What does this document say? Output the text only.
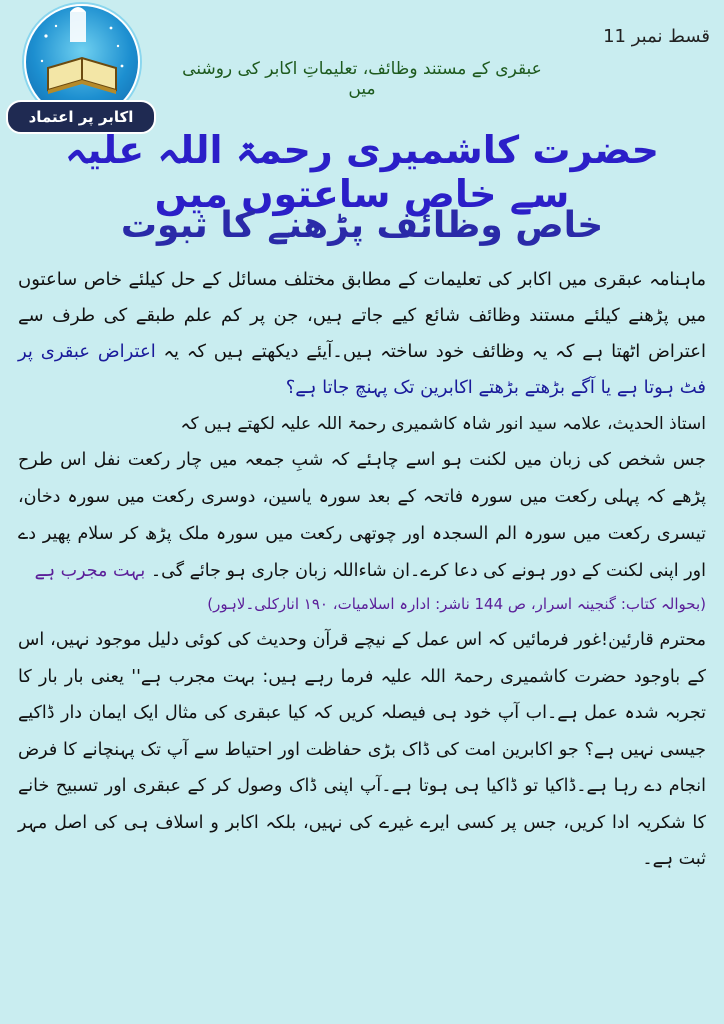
اکابر پر اعتماد
قسط نمبر 11
عبقری کے مستند وظائف، تعلیماتِ اکابر کی روشنی میں
حضرت کاشمیری رحمۃ اللہ علیہ سے خاص ساعتوں میں
خاص وظائف پڑھنے کا ثبوت

ماہنامہ عبقری میں اکابر کی تعلیمات کے مطابق مختلف مسائل کے حل کیلئے خاص ساعتوں میں پڑھنے کیلئے مستند وظائف شائع کیے جاتے ہیں، جن پر کم علم طبقے کی طرف سے اعتراض اٹھتا ہے کہ یہ وظائف خود ساختہ ہیں۔آیئے دیکھتے ہیں کہ یہ اعتراض عبقری پر فٹ ہوتا ہے یا آگے بڑھتے بڑھتے اکابرین تک پہنچ جاتا ہے؟

استاذ الحدیث، علامہ سید انور شاہ کاشمیری رحمۃ اللہ علیہ لکھتے ہیں کہ

جس شخص کی زبان میں لکنت ہو اسے چاہئے کہ شبِ جمعہ میں چار رکعت نفل اس طرح پڑھے کہ پہلی رکعت میں سورہ فاتحہ کے بعد سورہ یاسین، دوسری رکعت میں سورہ دخان، تیسری رکعت میں سورہ الم السجدہ اور چوتھی رکعت میں سورہ ملک پڑھ کر سلام پھیر دے اور اپنی لکنت کے دور ہونے کی دعا کرے۔ان شاءاللہ زبان جاری ہو جائے گی۔ بہت مجرب ہے

(بحوالہ کتاب: گنجینہ اسرار، ص 144 ناشر: ادارہ اسلامیات، ۱۹۰ انارکلی۔لاہور)

محترم قارئین!غور فرمائیں کہ اس عمل کے نیچے قرآن وحدیث کی کوئی دلیل موجود نہیں، اس کے باوجود حضرت کاشمیری رحمۃ اللہ علیہ فرما رہے ہیں: بہت مجرب ہے'' یعنی بار بار کا تجربہ شدہ عمل ہے۔اب آپ خود ہی فیصلہ کریں کہ کیا عبقری کی مثال ایک ایمان دار ڈاکیے جیسی نہیں ہے؟ جو اکابرین امت کی ڈاک بڑی حفاظت اور احتیاط سے آپ تک پہنچانے کا فرض انجام دے رہا ہے۔ڈاکیا تو ڈاکیا ہی ہوتا ہے۔آپ اپنی ڈاک وصول کر کے عبقری اور تسبیح خانے کا شکریہ ادا کریں، جس پر کسی ایرے غیرے کی نہیں، بلکہ اکابر و اسلاف ہی کی اصل مہر ثبت ہے۔
